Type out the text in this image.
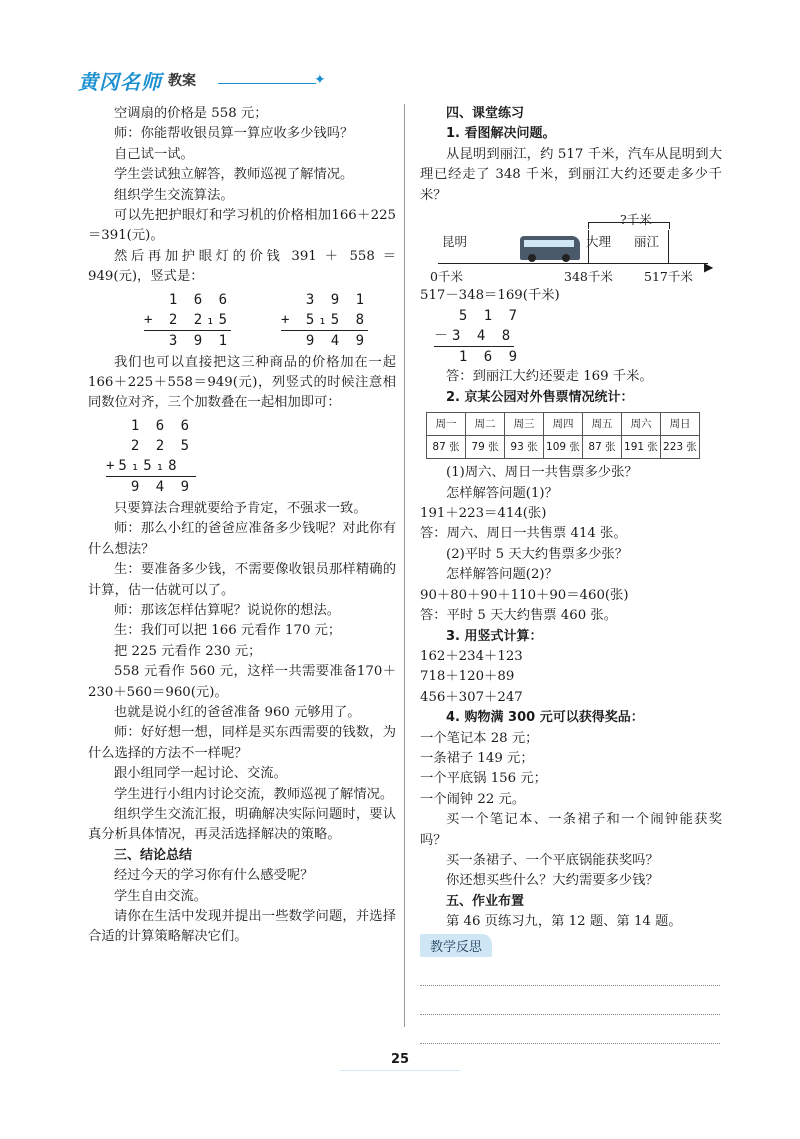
黄冈名师 教案	✦

空调扇的价格是 558 元；

师：你能帮收银员算一算应收多少钱吗？

自己试一试。

学生尝试独立解答，教师巡视了解情况。

组织学生交流算法。

可以先把护眼灯和学习机的价格相加166＋225＝391(元)。

然后再加护眼灯的价钱 391 ＋ 558 ＝949(元)，竖式是：

1 6 6
+ 2 2₁5
3 9 1
3 9 1
+ 5₁5 8
9 4 9

我们也可以直接把这三种商品的价格加在一起 166＋225＋558＝949(元)，列竖式的时候注意相同数位对齐，三个加数叠在一起相加即可：

1 6 6
2 2 5
+5₁5₁8
9 4 9

只要算法合理就要给予肯定，不强求一致。

师：那么小红的爸爸应准备多少钱呢？对此你有什么想法？

生：要准备多少钱，不需要像收银员那样精确的计算，估一估就可以了。

师：那该怎样估算呢？说说你的想法。

生：我们可以把 166 元看作 170 元；

把 225 元看作 230 元；

558 元看作 560 元，这样一共需要准备170＋230＋560＝960(元)。

也就是说小红的爸爸准备 960 元够用了。

师：好好想一想，同样是买东西需要的钱数，为什么选择的方法不一样呢？

跟小组同学一起讨论、交流。

学生进行小组内讨论交流，教师巡视了解情况。

组织学生交流汇报，明确解决实际问题时，要认真分析具体情况，再灵活选择解决的策略。

三、结论总结

经过今天的学习你有什么感受呢？

学生自由交流。

请你在生活中发现并提出一些数学问题，并选择合适的计算策略解决它们。

四、课堂练习

1. 看图解决问题。

从昆明到丽江，约 517 千米，汽车从昆明到大理已经走了 348 千米，到丽江大约还要走多少千米？

?千米
昆明	大理 丽江
▶
0千米	348千米 517千米

517－348＝169(千米)

5 1 7
－3 4 8
1 6 9

答：到丽江大约还要走 169 千米。

2. 京某公园对外售票情况统计：

周一	周二	周三	周四	周五	周六	周日
87 张	79 张	93 张	109 张	87 张	191 张	223 张

(1)周六、周日一共售票多少张？

怎样解答问题(1)？

191＋223＝414(张)

答：周六、周日一共售票 414 张。

(2)平时 5 天大约售票多少张？

怎样解答问题(2)？

90＋80＋90＋110＋90＝460(张)

答：平时 5 天大约售票 460 张。

3. 用竖式计算：

162＋234＋123

718＋120＋89

456＋307＋247

4. 购物满 300 元可以获得奖品：

一个笔记本 28 元；

一条裙子 149 元；

一个平底锅 156 元；

一个闹钟 22 元。

买一个笔记本、一条裙子和一个闹钟能获奖吗？

买一条裙子、一个平底锅能获奖吗？

你还想买些什么？大约需要多少钱？

五、作业布置

第 46 页练习九，第 12 题、第 14 题。

教学反思
25
